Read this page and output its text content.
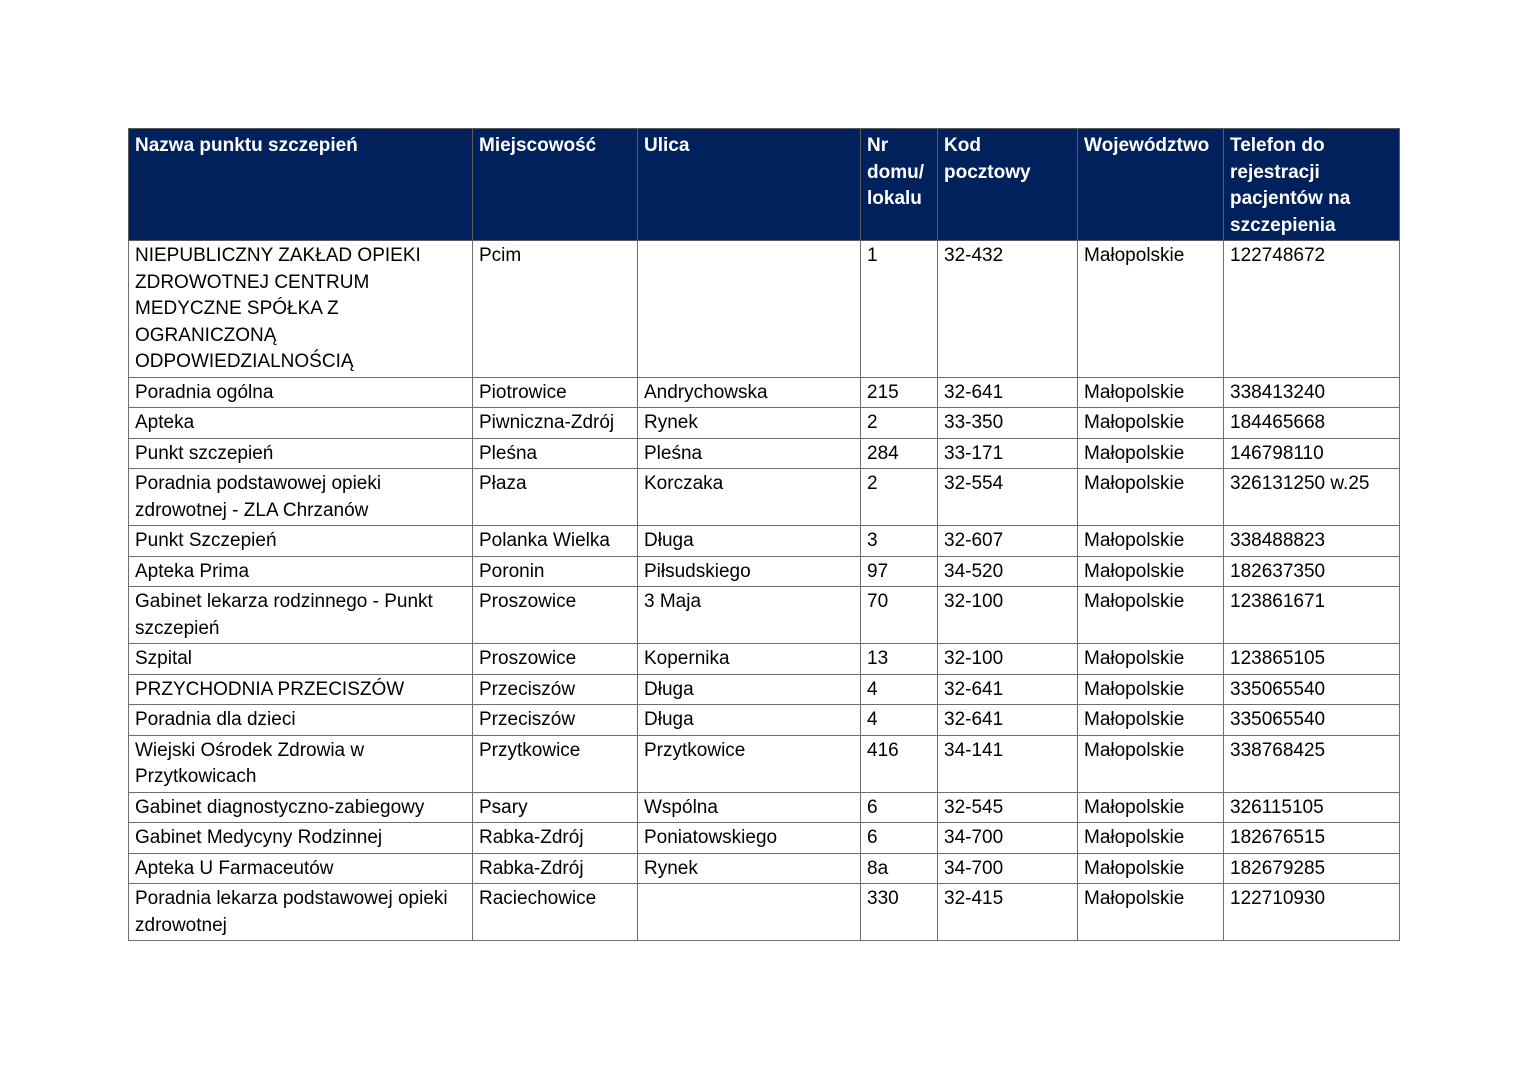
Nazwa punktu szczepień	Miejscowość	Ulica	Nr domu/ lokalu	Kod pocztowy	Województwo	Telefon do rejestracji pacjentów na szczepienia
NIEPUBLICZNY ZAKŁAD OPIEKI ZDROWOTNEJ CENTRUM MEDYCZNE SPÓŁKA Z OGRANICZONĄ ODPOWIEDZIALNOŚCIĄ	Pcim		1	32-432	Małopolskie	122748672
Poradnia ogólna	Piotrowice	Andrychowska	215	32-641	Małopolskie	338413240
Apteka	Piwniczna-Zdrój	Rynek	2	33-350	Małopolskie	184465668
Punkt szczepień	Pleśna	Pleśna	284	33-171	Małopolskie	146798110
Poradnia podstawowej opieki zdrowotnej - ZLA Chrzanów	Płaza	Korczaka	2	32-554	Małopolskie	326131250 w.25
Punkt Szczepień	Polanka Wielka	Długa	3	32-607	Małopolskie	338488823
Apteka Prima	Poronin	Piłsudskiego	97	34-520	Małopolskie	182637350
Gabinet lekarza rodzinnego - Punkt szczepień	Proszowice	3 Maja	70	32-100	Małopolskie	123861671
Szpital	Proszowice	Kopernika	13	32-100	Małopolskie	123865105
PRZYCHODNIA PRZECISZÓW	Przeciszów	Długa	4	32-641	Małopolskie	335065540
Poradnia dla dzieci	Przeciszów	Długa	4	32-641	Małopolskie	335065540
Wiejski Ośrodek Zdrowia w Przytkowicach	Przytkowice	Przytkowice	416	34-141	Małopolskie	338768425
Gabinet diagnostyczno-zabiegowy	Psary	Wspólna	6	32-545	Małopolskie	326115105
Gabinet Medycyny Rodzinnej	Rabka-Zdrój	Poniatowskiego	6	34-700	Małopolskie	182676515
Apteka U Farmaceutów	Rabka-Zdrój	Rynek	8a	34-700	Małopolskie	182679285
Poradnia lekarza podstawowej opieki zdrowotnej	Raciechowice		330	32-415	Małopolskie	122710930
